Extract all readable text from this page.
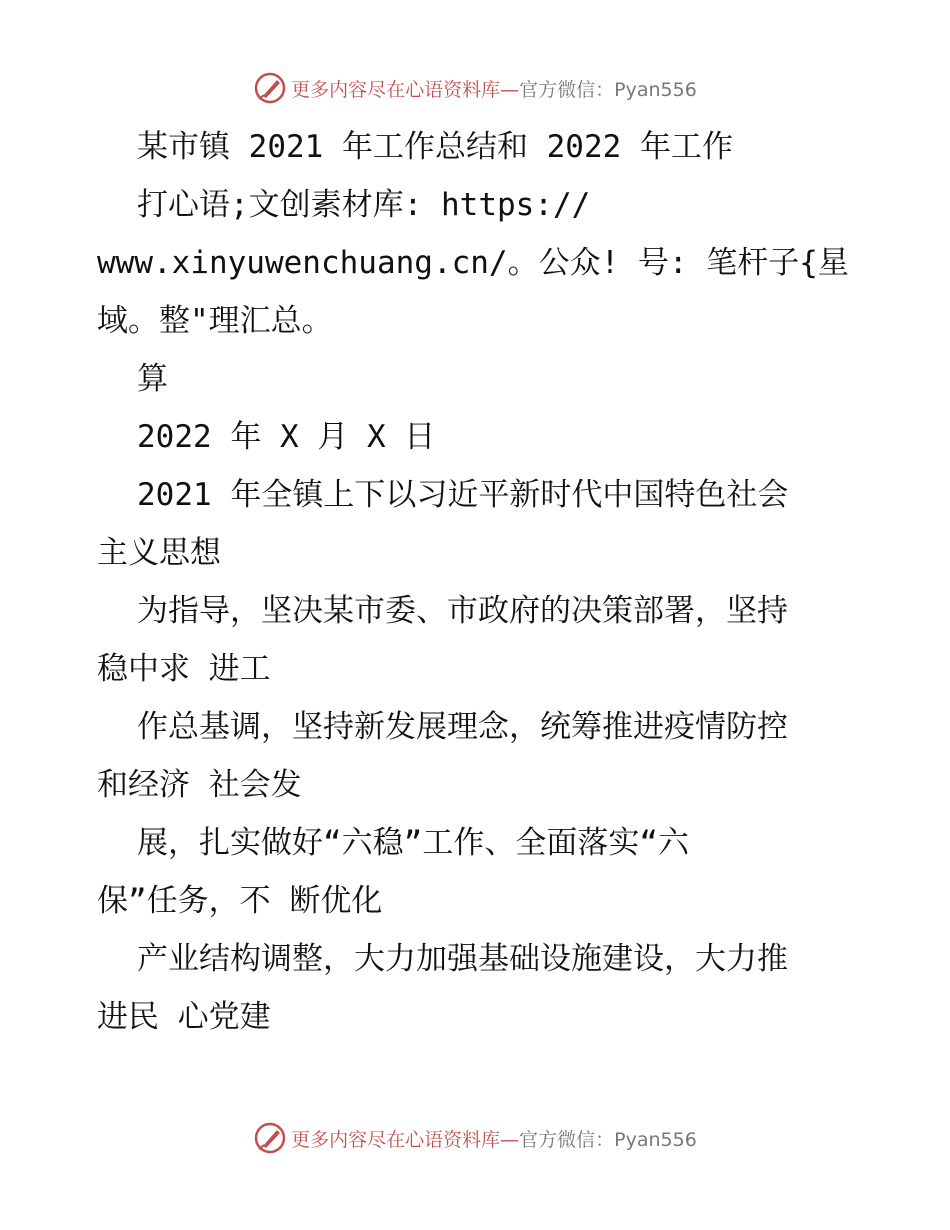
更多内容尽在心语资料库—官方微信：Pyan556
某市镇 2021 年工作总结和 2022 年工作
打心语;文创素材库: https://
www.xinyuwenchuang.cn/。公众! 号: 笔杆子{星
域。整"理汇总。
算
2022 年 X 月 X 日
2021 年全镇上下以习近平新时代中国特色社会
主义思想
为指导，坚决某市委、市政府的决策部署，坚持
稳中求 进工
作总基调，坚持新发展理念，统筹推进疫情防控
和经济 社会发
展，扎实做好“六稳”工作、全面落实“六
保”任务，不 断优化
产业结构调整，大力加强基础设施建设，大力推
进民 心党建
更多内容尽在心语资料库—官方微信：Pyan556
